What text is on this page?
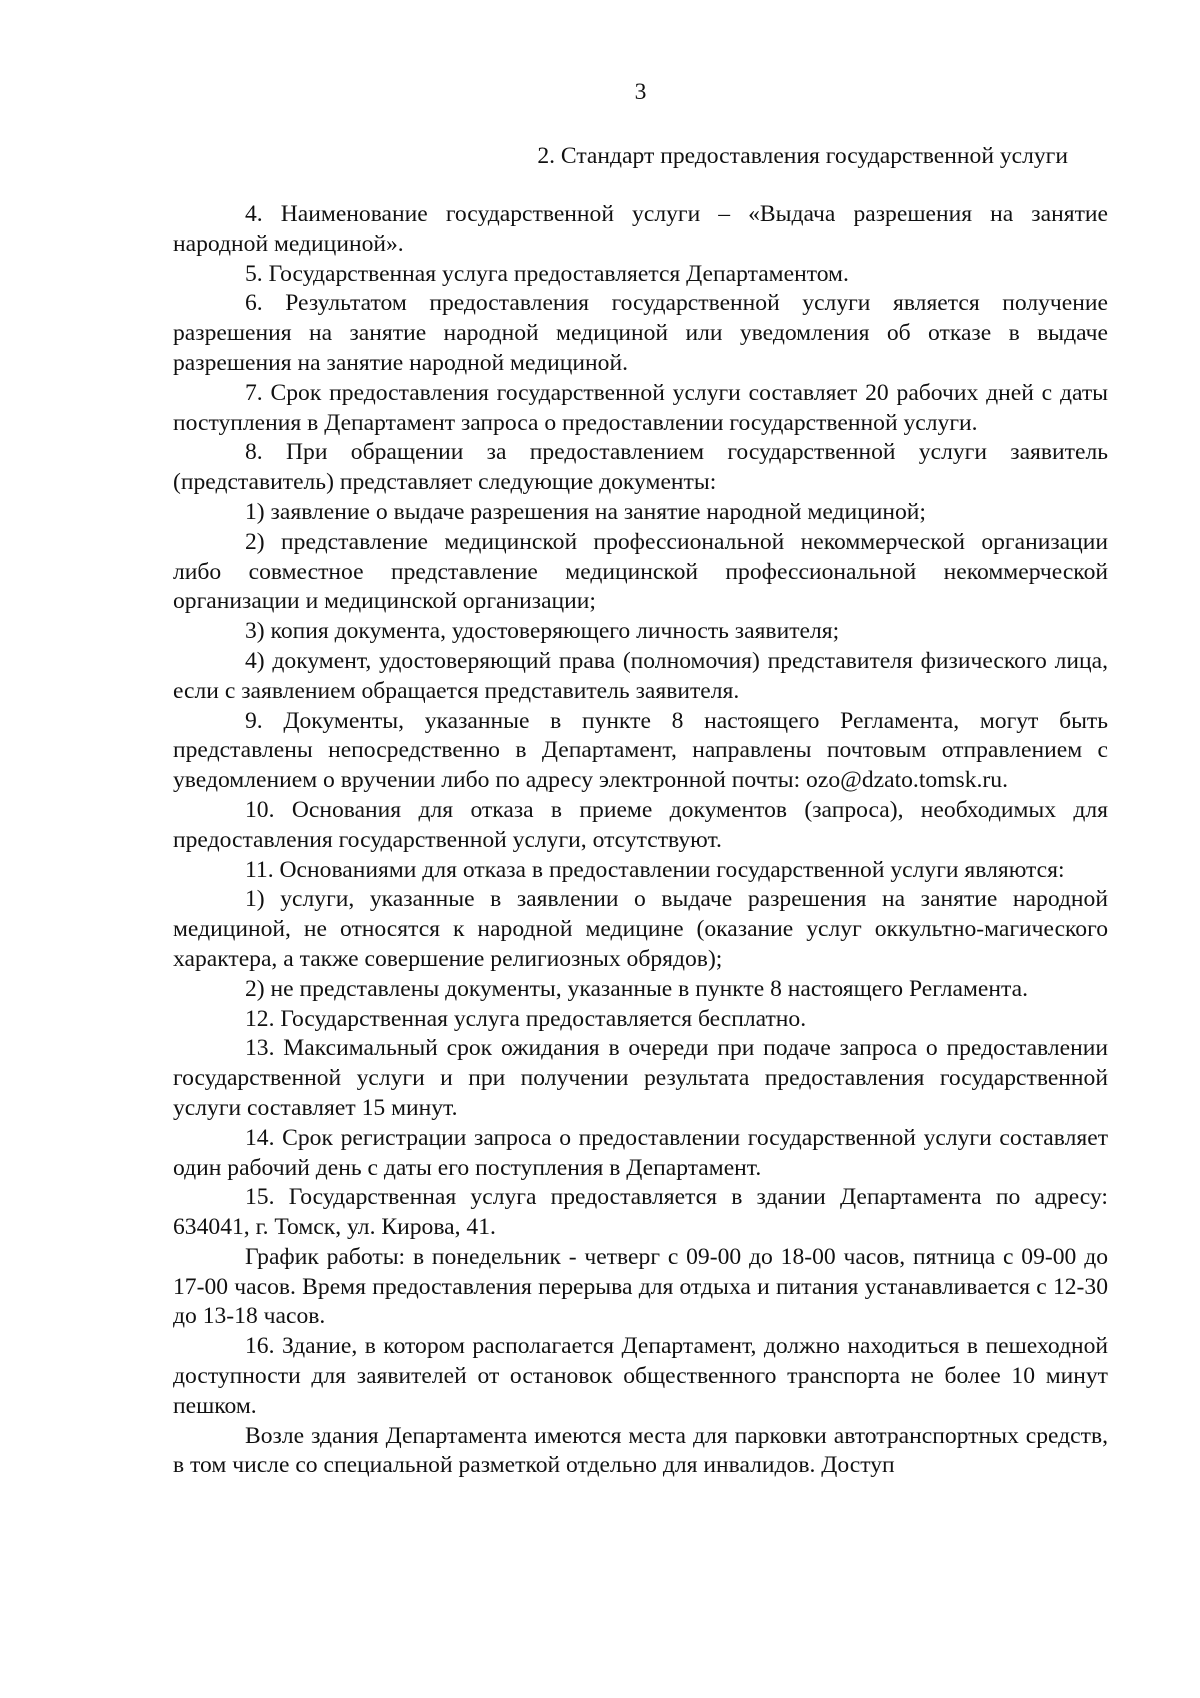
3
2. Стандарт предоставления государственной услуги

4. Наименование государственной услуги – «Выдача разрешения на занятие народной медициной».

5. Государственная услуга предоставляется Департаментом.

6. Результатом предоставления государственной услуги является получение разрешения на занятие народной медициной или уведомления об отказе в выдаче разрешения на занятие народной медициной.

7. Срок предоставления государственной услуги составляет 20 рабочих дней с даты поступления в Департамент запроса о предоставлении государственной услуги.

8. При обращении за предоставлением государственной услуги заявитель (представитель) представляет следующие документы:

1) заявление о выдаче разрешения на занятие народной медициной;

2) представление медицинской профессиональной некоммерческой организации либо совместное представление медицинской профессиональной некоммерческой организации и медицинской организации;

3) копия документа, удостоверяющего личность заявителя;

4) документ, удостоверяющий права (полномочия) представителя физического лица, если с заявлением обращается представитель заявителя.

9. Документы, указанные в пункте 8 настоящего Регламента, могут быть представлены непосредственно в Департамент, направлены почтовым отправлением с уведомлением о вручении либо по адресу электронной почты: ozo@dzato.tomsk.ru.

10. Основания для отказа в приеме документов (запроса), необходимых для предоставления государственной услуги, отсутствуют.

11. Основаниями для отказа в предоставлении государственной услуги являются:

1) услуги, указанные в заявлении о выдаче разрешения на занятие народной медициной, не относятся к народной медицине (оказание услуг оккультно-магического характера, а также совершение религиозных обрядов);

2) не представлены документы, указанные в пункте 8 настоящего Регламента.

12. Государственная услуга предоставляется бесплатно.

13. Максимальный срок ожидания в очереди при подаче запроса о предоставлении государственной услуги и при получении результата предоставления государственной услуги составляет 15 минут.

14. Срок регистрации запроса о предоставлении государственной услуги составляет один рабочий день с даты его поступления в Департамент.

15. Государственная услуга предоставляется в здании Департамента по адресу: 634041, г. Томск, ул. Кирова, 41.

График работы: в понедельник - четверг с 09-00 до 18-00 часов, пятница с 09-00 до 17-00 часов. Время предоставления перерыва для отдыха и питания устанавливается с 12-30 до 13-18 часов.

16. Здание, в котором располагается Департамент, должно находиться в пешеходной доступности для заявителей от остановок общественного транспорта не более 10 минут пешком.

Возле здания Департамента имеются места для парковки автотранспортных средств, в том числе со специальной разметкой отдельно для инвалидов. Доступ
